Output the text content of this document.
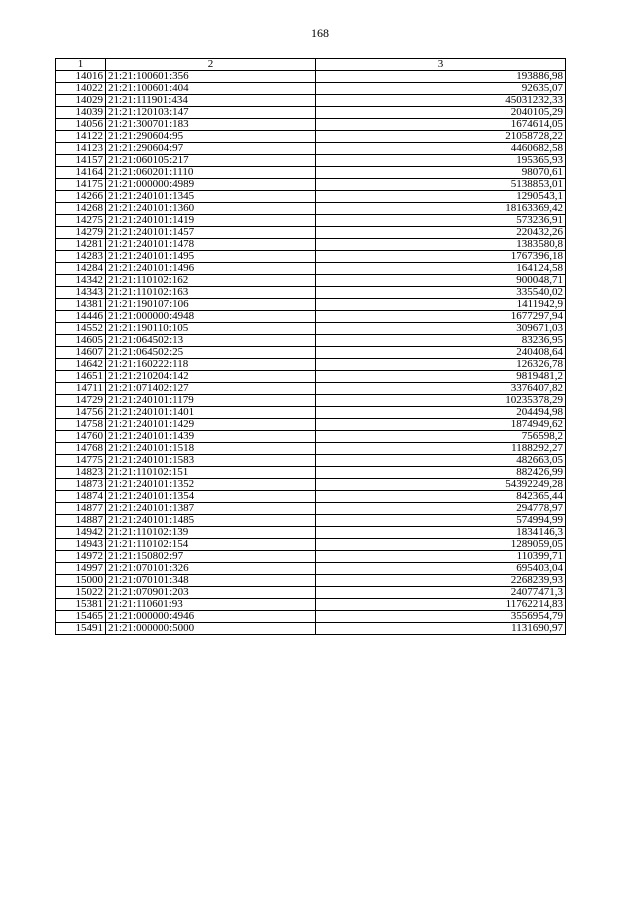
168
1	2	3
14016	21:21:100601:356	193886,98
14022	21:21:100601:404	92635,07
14029	21:21:111901:434	45031232,33
14039	21:21:120103:147	2040105,29
14056	21:21:300701:183	1674614,05
14122	21:21:290604:95	21058728,22
14123	21:21:290604:97	4460682,58
14157	21:21:060105:217	195365,93
14164	21:21:060201:1110	98070,61
14175	21:21:000000:4989	5138853,01
14266	21:21:240101:1345	1290543,1
14268	21:21:240101:1360	18163369,42
14275	21:21:240101:1419	573236,91
14279	21:21:240101:1457	220432,26
14281	21:21:240101:1478	1383580,8
14283	21:21:240101:1495	1767396,18
14284	21:21:240101:1496	164124,58
14342	21:21:110102:162	900048,71
14343	21:21:110102:163	335540,02
14381	21:21:190107:106	1411942,9
14446	21:21:000000:4948	1677297,94
14552	21:21:190110:105	309671,03
14605	21:21:064502:13	83236,95
14607	21:21:064502:25	240408,64
14642	21:21:160222:118	126326,78
14651	21:21:210204:142	9819481,2
14711	21:21:071402:127	3376407,82
14729	21:21:240101:1179	10235378,29
14756	21:21:240101:1401	204494,98
14758	21:21:240101:1429	1874949,62
14760	21:21:240101:1439	756598,2
14768	21:21:240101:1518	1188292,27
14775	21:21:240101:1583	482663,05
14823	21:21:110102:151	882426,99
14873	21:21:240101:1352	54392249,28
14874	21:21:240101:1354	842365,44
14877	21:21:240101:1387	294778,97
14887	21:21:240101:1485	574994,99
14942	21:21:110102:139	1834146,3
14943	21:21:110102:154	1289059,05
14972	21:21:150802:97	110399,71
14997	21:21:070101:326	695403,04
15000	21:21:070101:348	2268239,93
15022	21:21:070901:203	24077471,3
15381	21:21:110601:93	11762214,83
15465	21:21:000000:4946	3556954,79
15491	21:21:000000:5000	1131690,97
